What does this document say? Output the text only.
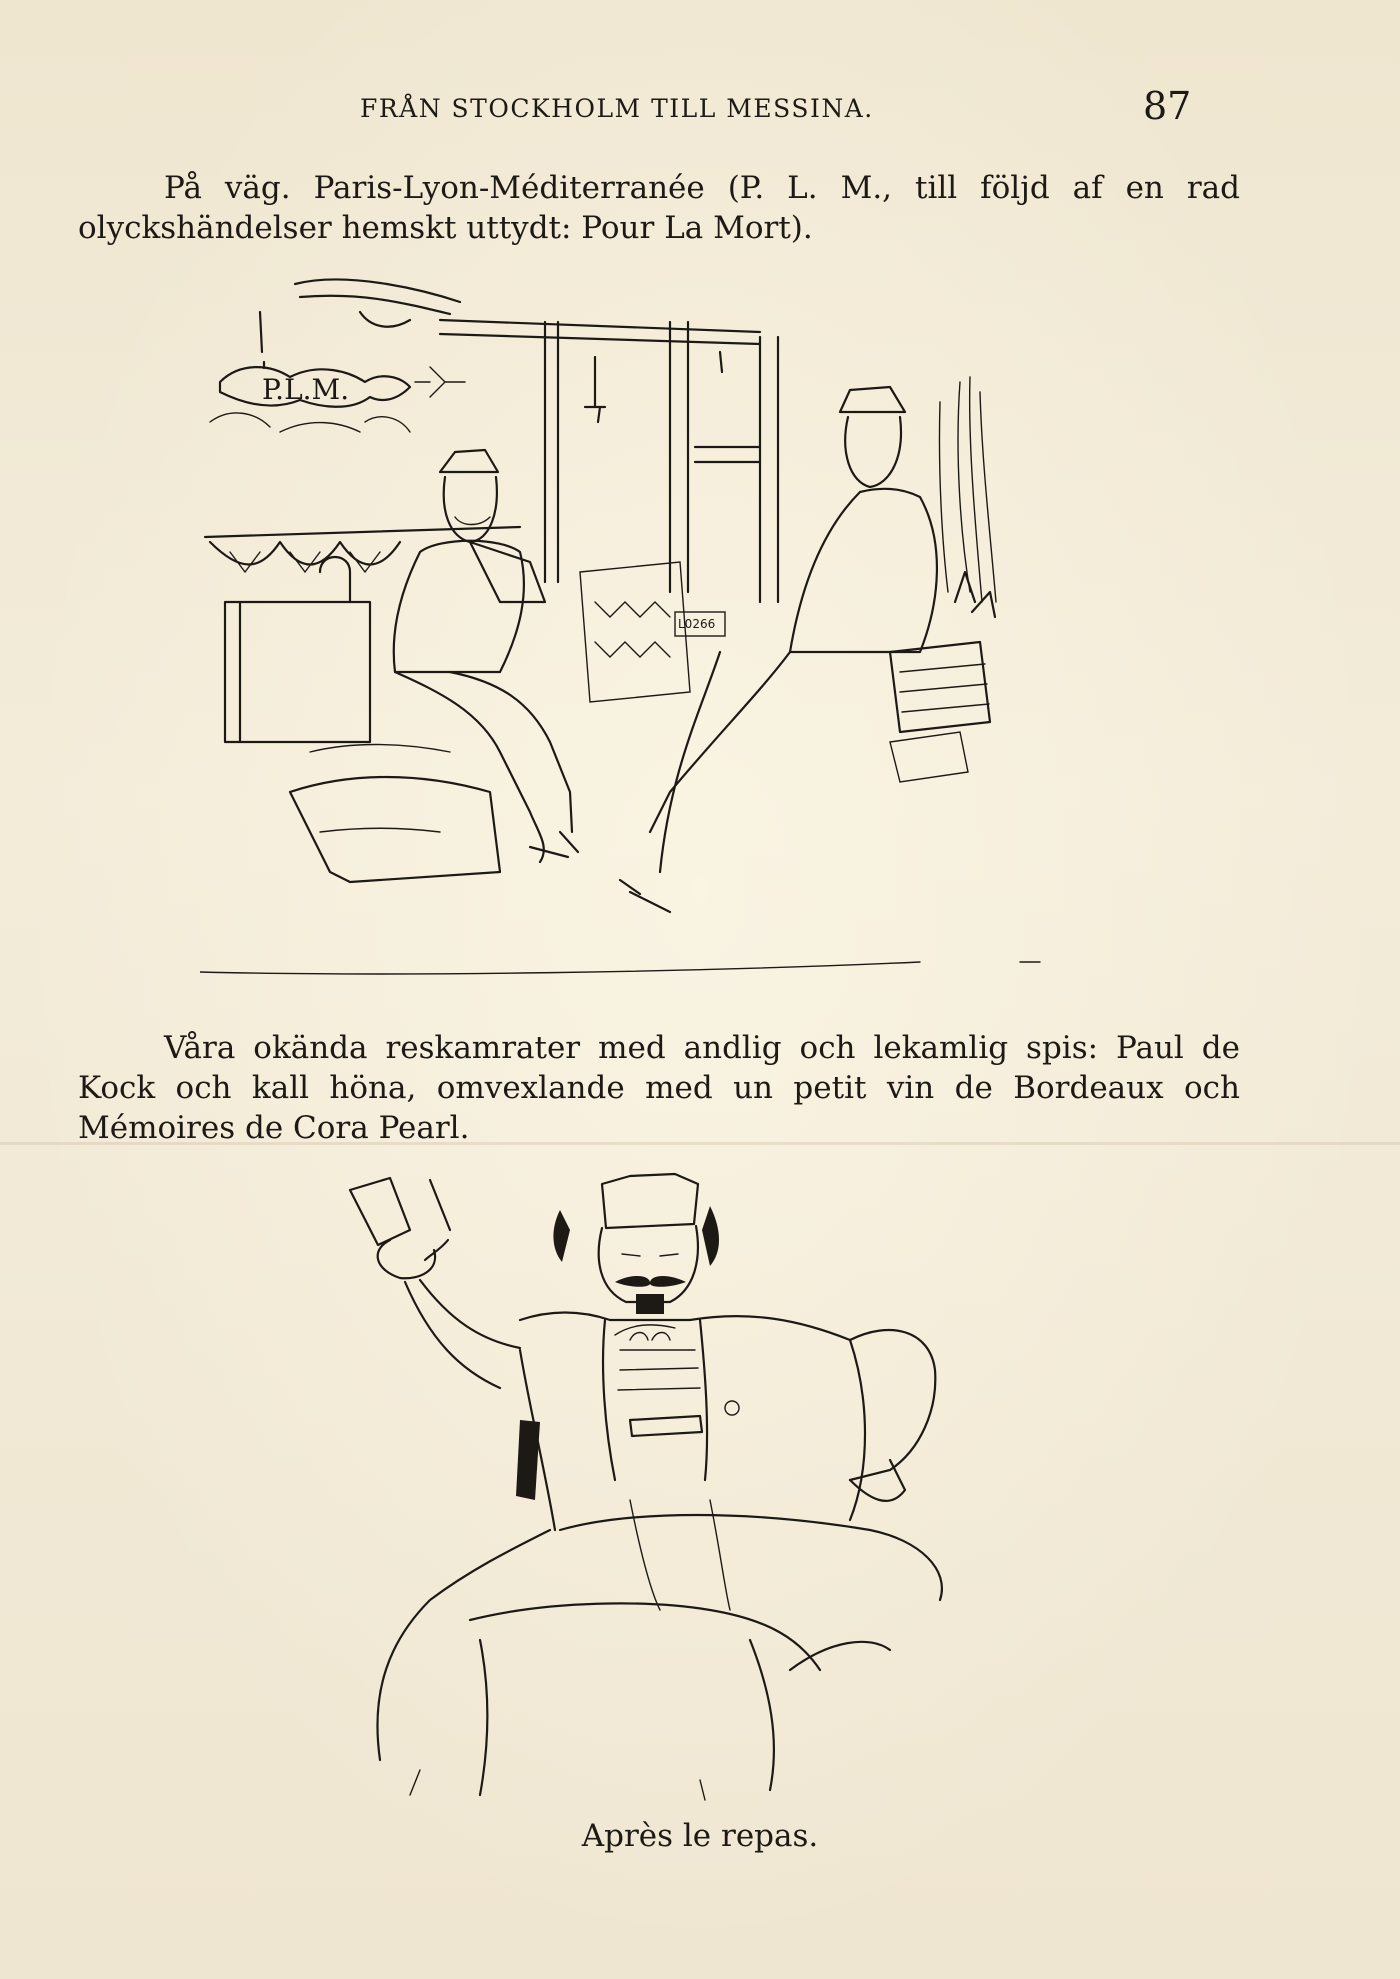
FRÅN STOCKHOLM TILL MESSINA.	87

På väg. Paris-Lyon-Méditerranée (P. L. M., till följd af en rad olyckshändelser hemskt uttydt: Pour La Mort).

P.L.M.
L0266

Våra okända reskamrater med andlig och lekamlig spis: Paul de Kock och kall höna, omvexlande med un petit vin de Bordeaux och Mémoires de Cora Pearl.

Après le repas.
